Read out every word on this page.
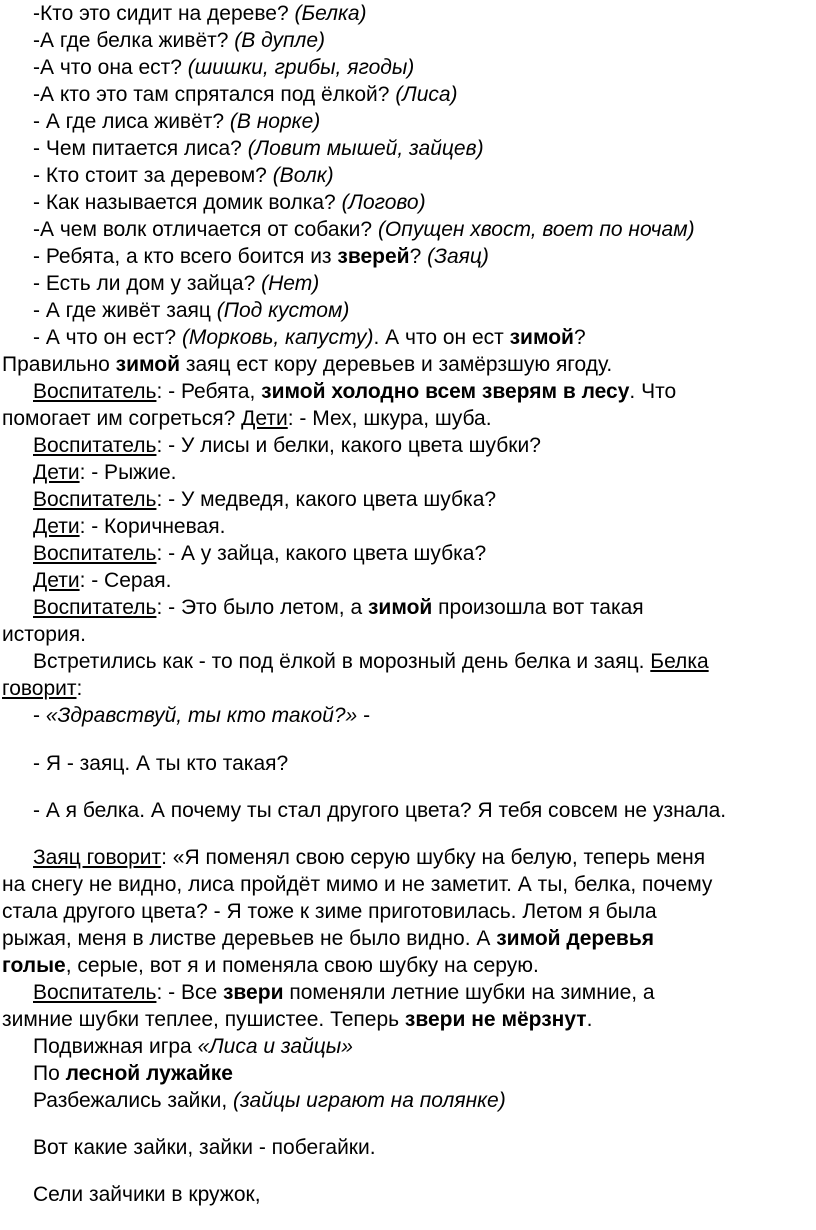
-Кто это сидит на дереве? (Белка)

-А где белка живёт? (В дупле)

-А что она ест? (шишки, грибы, ягоды)

-А кто это там спрятался под ёлкой? (Лиса)

- А где лиса живёт? (В норке)

- Чем питается лиса? (Ловит мышей, зайцев)

- Кто стоит за деревом? (Волк)

- Как называется домик волка? (Логово)

-А чем волк отличается от собаки? (Опущен хвост, воет по ночам)

- Ребята, а кто всего боится из зверей? (Заяц)

- Есть ли дом у зайца? (Нет)

- А где живёт заяц (Под кустом)

- А что он ест? (Морковь, капусту). А что он ест зимой?

Правильно зимой заяц ест кору деревьев и замёрзшую ягоду.

Воспитатель: - Ребята, зимой холодно всем зверям в лесу. Что

помогает им согреться? Дети: - Мех, шкура, шуба.

Воспитатель: - У лисы и белки, какого цвета шубки?

Дети: - Рыжие.

Воспитатель: - У медведя, какого цвета шубка?

Дети: - Коричневая.

Воспитатель: - А у зайца, какого цвета шубка?

Дети: - Серая.

Воспитатель: - Это было летом, а зимой произошла вот такая

история.

Встретились как - то под ёлкой в морозный день белка и заяц. Белка

говорит:

- «Здравствуй, ты кто такой?» -

- Я - заяц. А ты кто такая?

- А я белка. А почему ты стал другого цвета? Я тебя совсем не узнала.

Заяц говорит: «Я поменял свою серую шубку на белую, теперь меня

на снегу не видно, лиса пройдёт мимо и не заметит. А ты, белка, почему

стала другого цвета? - Я тоже к зиме приготовилась. Летом я была

рыжая, меня в листве деревьев не было видно. А зимой деревья

голые, серые, вот я и поменяла свою шубку на серую.

Воспитатель: - Все звери поменяли летние шубки на зимние, а

зимние шубки теплее, пушистее. Теперь звери не мёрзнут.

Подвижная игра «Лиса и зайцы»

По лесной лужайке

Разбежались зайки, (зайцы играют на полянке)

Вот какие зайки, зайки - побегайки.

Сели зайчики в кружок,
